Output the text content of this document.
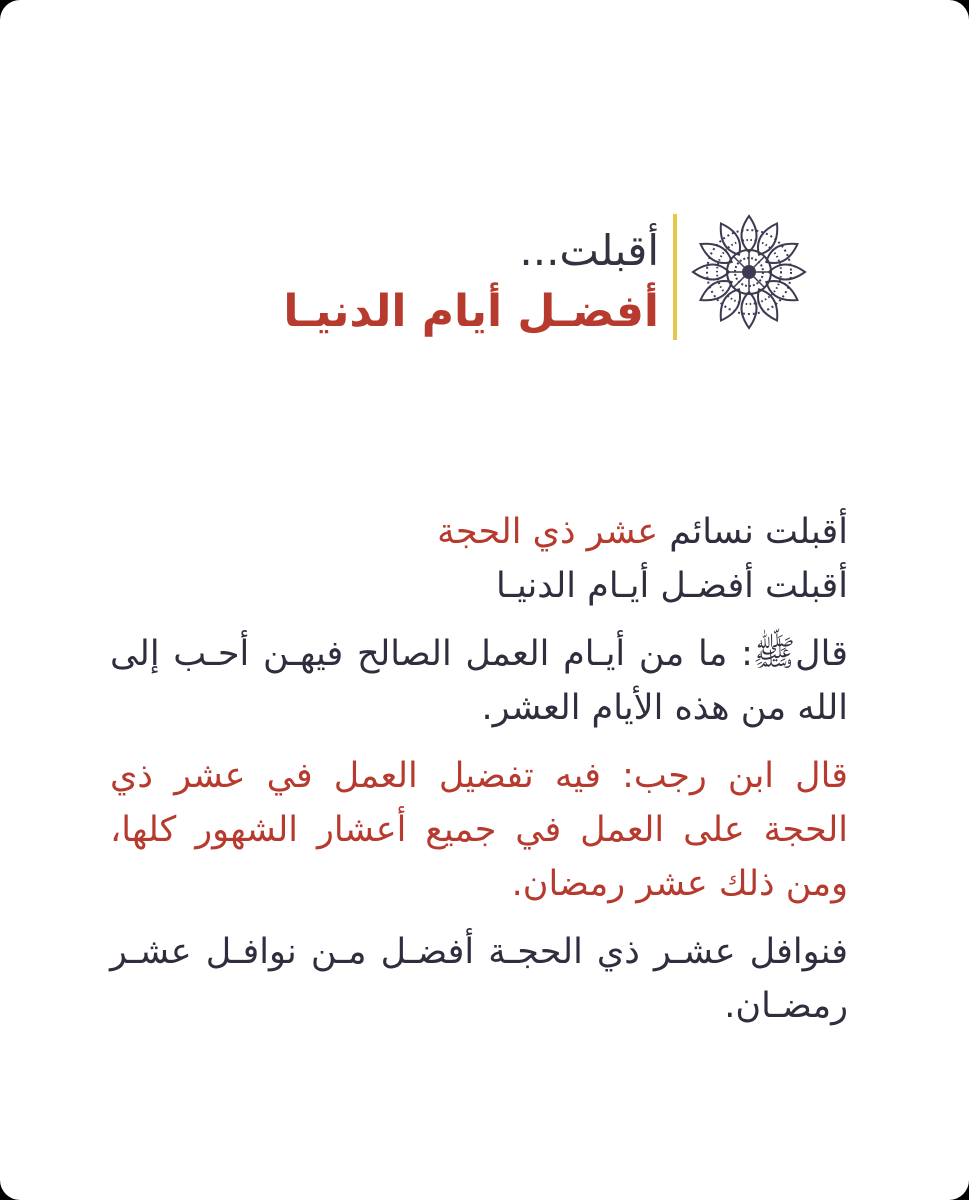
أقبلت...
أفضـل أيام الدنيـا

أقبلت نسائم عشر ذي الحجة

أقبلت أفضـل أيـام الدنيـا

قالﷺ: ما من أيـام العمل الصالح فيهـن أحـب إلى الله من هذه الأيام العشر.

قال ابن رجب: فيه تفضيل العمل في عشر ذي الحجة على العمل في جميع أعشار الشهور كلها، ومن ذلك عشر رمضان.

فنوافل عشـر ذي الحجـة أفضـل مـن نوافـل عشـر رمضـان.
